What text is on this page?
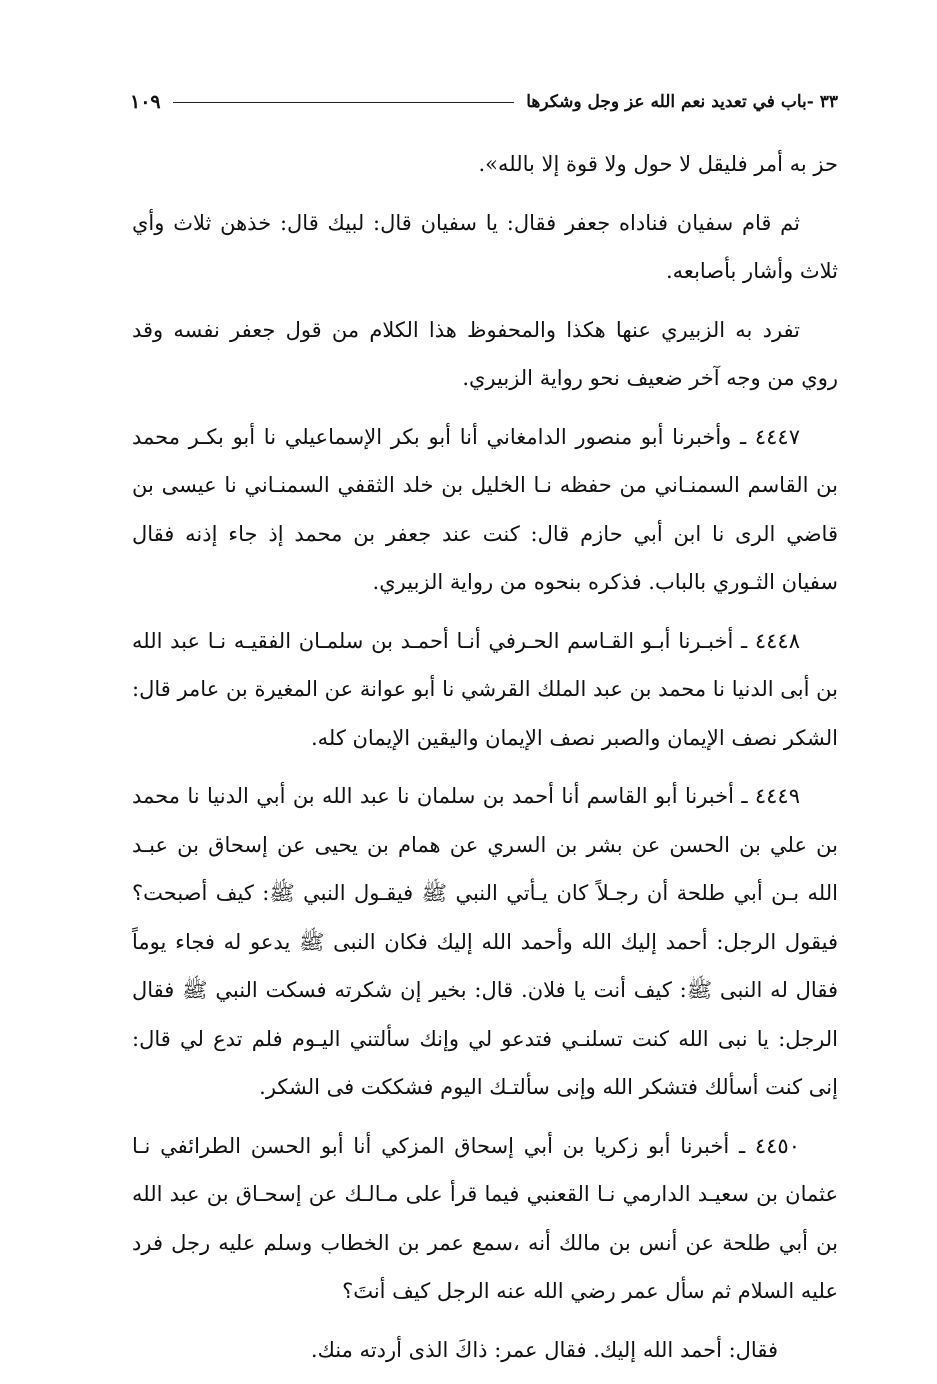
٣٣ -باب في تعديد نعم الله عز وجل وشكرها
١٠٩

حز به أمر فليقل لا حول ولا قوة إلا بالله».

ثم قام سفيان فناداه جعفر فقال: يا سفيان قال: لبيك قال: خذهن ثلاث وأي ثلاث وأشار بأصابعه.

تفرد به الزبيري عنها هكذا والمحفوظ هذا الكلام من قول جعفر نفسه وقد روي من وجه آخر ضعيف نحو رواية الزبيري.

٤٤٤٧ ـ وأخبرنا أبو منصور الدامغاني أنا أبو بكر الإسماعيلي نا أبو بكـر محمد بن القاسم السمنـاني من حفظه نـا الخليل بن خلد الثقفي السمنـاني نا عيسى بن قاضي الرى نا ابن أبي حازم قال: كنت عند جعفر بن محمد إذ جاء إذنه فقال سفيان الثـوري بالباب. فذكره بنحوه من رواية الزبيري.

٤٤٤٨ ـ أخبـرنا أبـو القـاسم الحـرفي أنـا أحمـد بن سلمـان الفقيـه نـا عبد الله بن أبى الدنيا نا محمد بن عبد الملك القرشي نا أبو عوانة عن المغيرة بن عامر قال: الشكر نصف الإيمان والصبر نصف الإيمان واليقين الإيمان كله.

٤٤٤٩ ـ أخبرنا أبو القاسم أنا أحمد بن سلمان نا عبد الله بن أبي الدنيا نا محمد بن علي بن الحسن عن بشر بن السري عن همام بن يحيى عن إسحاق بن عبـد الله بـن أبي طلحة أن رجـلاً كان يـأتي النبي ﷺ فيقـول النبي ﷺ: كيف أصبحت؟ فيقول الرجل: أحمد إليك الله وأحمد الله إليك فكان النبى ﷺ يدعو له فجاء يوماً فقال له النبى ﷺ: كيف أنت يا فلان. قال: بخير إن شكرته فسكت النبي ﷺ فقال الرجل: يا نبى الله كنت تسلنـي فتدعو لي وإنك سألتني اليـوم فلم تدع لي قال: إنى كنت أسألك فتشكر الله وإنى سألتـك اليوم فشككت فى الشكر.

٤٤٥٠ ـ أخبرنا أبو زكريا بن أبي إسحاق المزكي أنا أبو الحسن الطرائفي نـا عثمان بن سعيـد الدارمي نـا القعنبي فيما قرأ على مـالـك عن إسحـاق بن عبد الله بن أبي طلحة عن أنس بن مالك أنه ،سمع عمر بن الخطاب وسلم عليه رجل فرد عليه السلام ثم سأل عمر رضي الله عنه الرجل كيف أنتَ؟

فقال: أحمد الله إليك. فقال عمر: ذاكَ الذى أردته منك.
